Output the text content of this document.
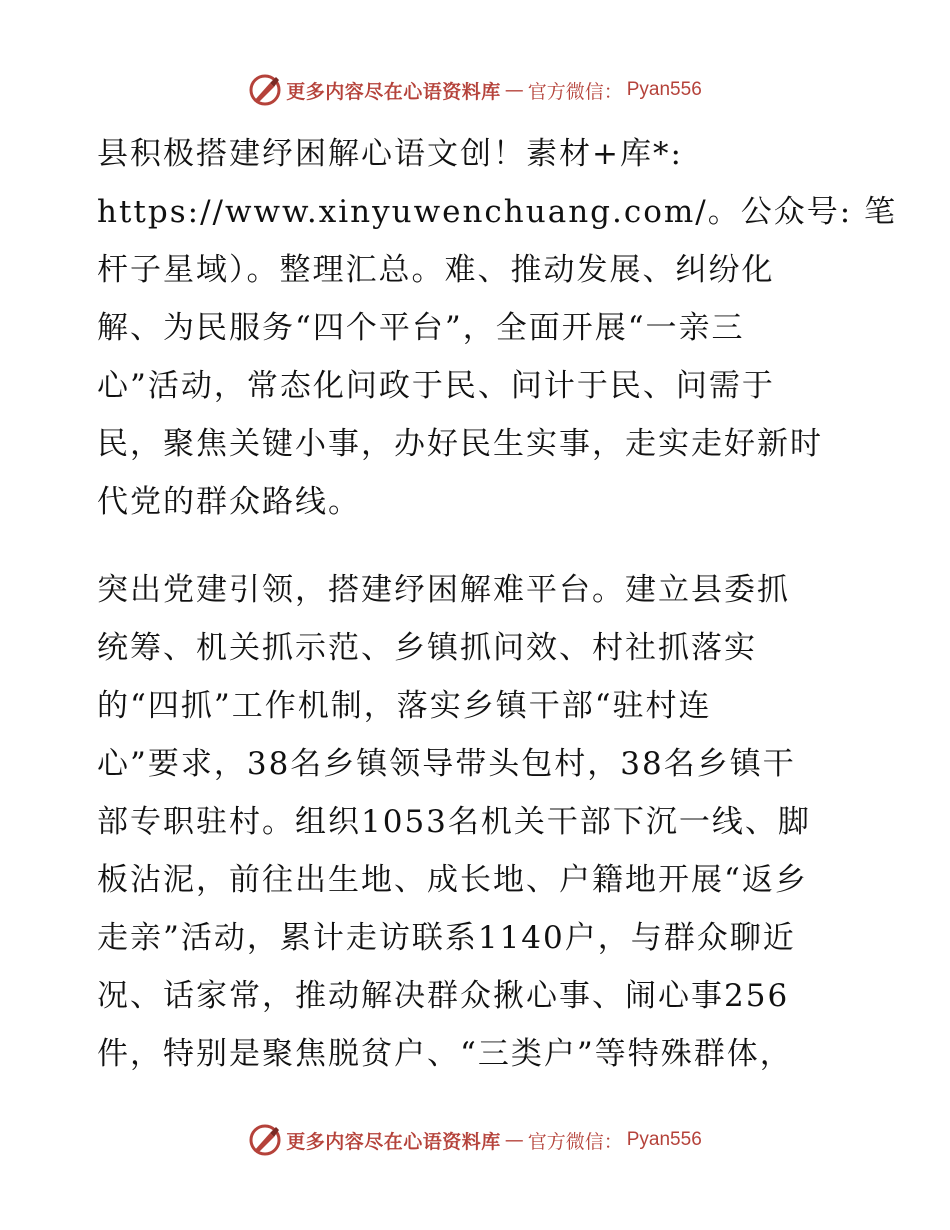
更多内容尽在心语资料库 — 官方微信： Pyan556
县积极搭建纾困解心语文创！素材+库*:
https://www.xinyuwenchuang.com/。公众号: 笔
杆子星域）。整理汇总。难、推动发展、纠纷化
解、为民服务“四个平台”，全面开展“一亲三
心”活动，常态化问政于民、问计于民、问需于
民，聚焦关键小事，办好民生实事，走实走好新时
代党的群众路线。
突出党建引领，搭建纾困解难平台。建立县委抓
统筹、机关抓示范、乡镇抓问效、村社抓落实
的“四抓”工作机制，落实乡镇干部“驻村连
心”要求，38名乡镇领导带头包村，38名乡镇干
部专职驻村。组织1053名机关干部下沉一线、脚
板沾泥，前往出生地、成长地、户籍地开展“返乡
走亲”活动，累计走访联系1140户，与群众聊近
况、话家常，推动解决群众揪心事、闹心事256
件，特别是聚焦脱贫户、“三类户”等特殊群体，
更多内容尽在心语资料库 — 官方微信： Pyan556
